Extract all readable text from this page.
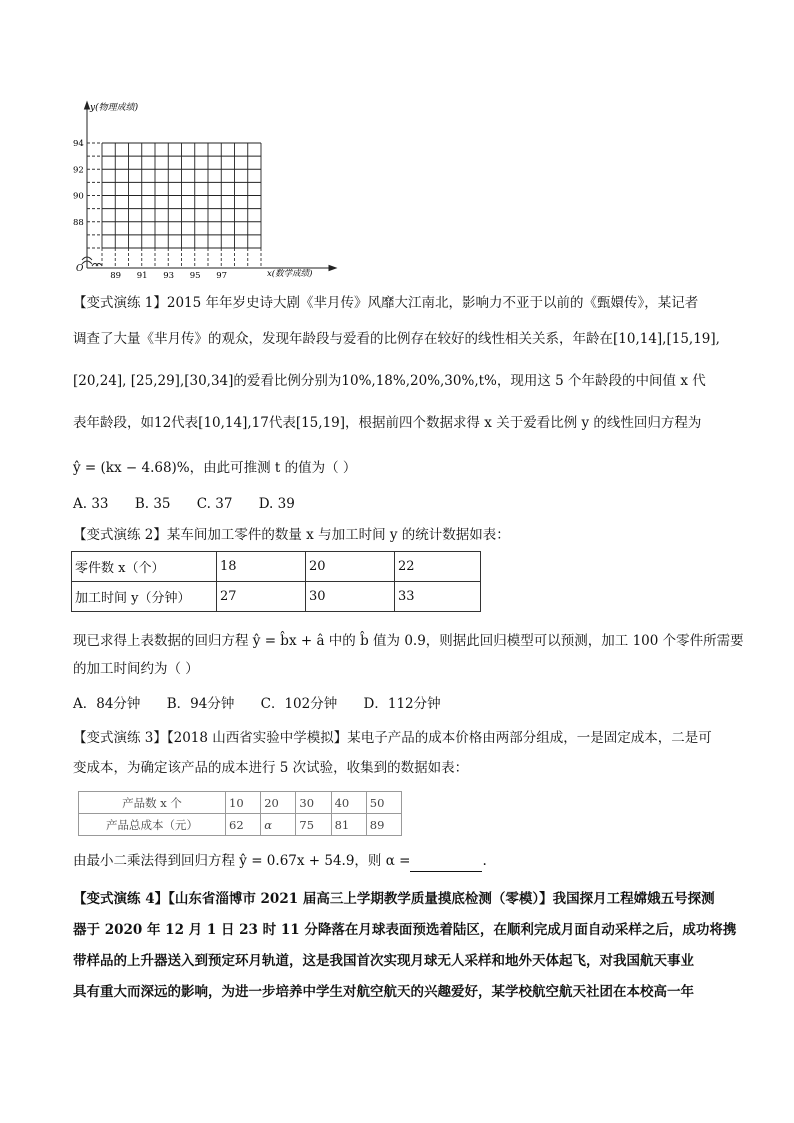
y(物理成绩)
O
94
92
90
88
89 91 93 95 97	x(数学成绩)
【变式演练 1】2015 年年岁史诗大剧《芈月传》风靡大江南北，影响力不亚于以前的《甄嬛传》，某记者
调查了大量《芈月传》的观众，发现年龄段与爱看的比例存在较好的线性相关关系，年龄在[10,14],[15,19],
[20,24], [25,29],[30,34]的爱看比例分别为10%,18%,20%,30%,t%，现用这 5 个年龄段的中间值 x 代
表年龄段，如12代表[10,14],17代表[15,19]，根据前四个数据求得 x 关于爱看比例 y 的线性回归方程为
ŷ = (kx − 4.68)%，由此可推测 t 的值为（ ）
A. 33 B. 35 C. 37 D. 39
【变式演练 2】某车间加工零件的数量 x 与加工时间 y 的统计数据如表：
零件数 x（个）	18	20	22
加工时间 y（分钟）	27	30	33
现已求得上表数据的回归方程 ŷ = b̂x + â 中的 b̂ 值为 0.9，则据此回归模型可以预测，加工 100 个零件所需要
的加工时间约为（ ）
A．84分钟 B．94分钟 C．102分钟 D．112分钟
【变式演练 3】【2018 山西省实验中学模拟】某电子产品的成本价格由两部分组成，一是固定成本，二是可
变成本，为确定该产品的成本进行 5 次试验，收集到的数据如表：
产品数 x 个	10	20	30	40	50
产品总成本（元）	62	α	75	81	89
由最小二乘法得到回归方程 ŷ = 0.67x + 54.9，则 α =	.
【变式演练 4】【山东省淄博市 2021 届高三上学期教学质量摸底检测（零模）】我国探月工程嫦娥五号探测
器于 2020 年 12 月 1 日 23 时 11 分降落在月球表面预选着陆区，在顺利完成月面自动采样之后，成功将携
带样品的上升器送入到预定环月轨道，这是我国首次实现月球无人采样和地外天体起飞，对我国航天事业
具有重大而深远的影响，为进一步培养中学生对航空航天的兴趣爱好，某学校航空航天社团在本校高一年
